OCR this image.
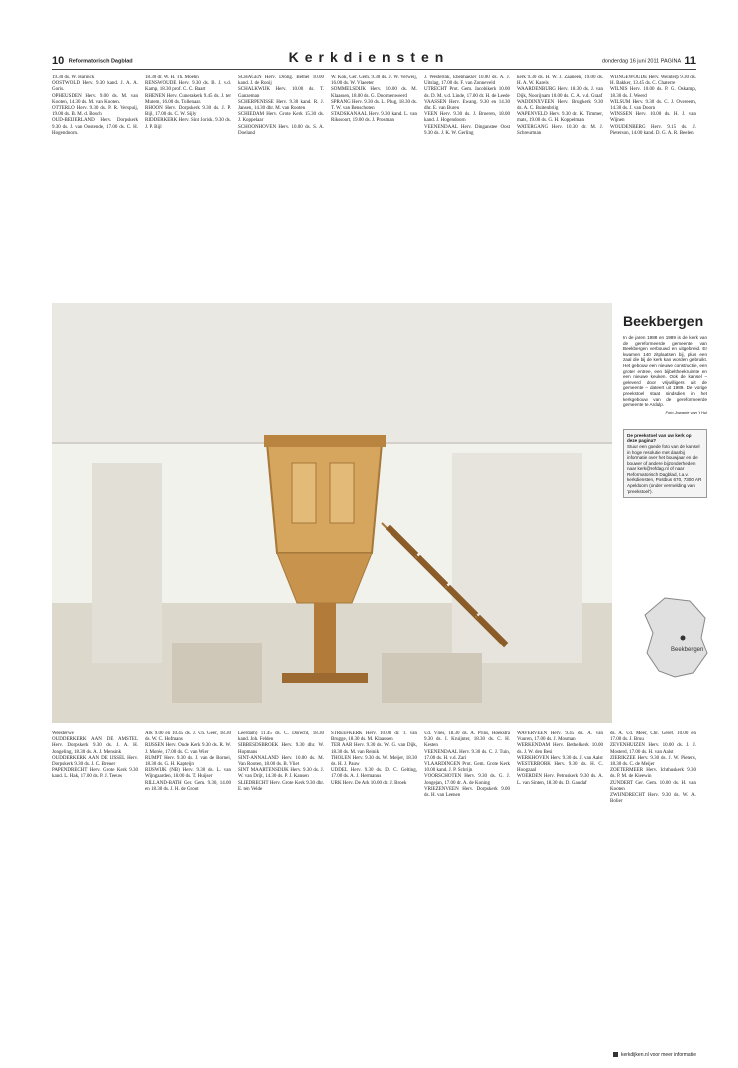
10 Reformatorisch Dagblad	Kerkdiensten	donderdag 16 juni 2011 PAGINA 11

19.30 ds. W. Harinck

OOSTWOLD Herv. 9.30 kand. J. A. A. Goris.

OPHEUSDEN Herv. 9.00 ds. M. van Kooten, 14.30 ds. M. van Kooten.

OTTERLO Herv. 9.30 ds. P. R. Verspuij, 19.00 ds. B. M. d. Bosch

OUD-BEIJERLAND Herv. Dorpskerk 9.30 ds. J. van Oostende, 17.00 ds. C. H. Hogendoorn.

18.30 dr. W. H. Th. Moehn

RENSWOUDE Herv. 9.30 ds. B. J. v.d. Kamp, 18.30 prof. C. C. Baart

RHENEN Herv. Cunerakerk 9.45 ds. J. ter Mutem, 16.00 ds. Tollenaar.

RHOON Herv. Dorpskerk 9.30 ds. J. P. Bijl, 17.00 ds. C. W. Sijly

RIDDERKERK Herv. Sint Jorisk. 9.30 ds. J. P. Bijl

SCHAGEN Herv. Drong. Bethel 10.00 kand. J. de Rooij

SCHALKWIJK Herv. 10.00 ds. T. Ganzeman

SCHERPENISSE Herv. 9.30 kand. R. J. Jansen, 14.30 dhr. M. van Rooten

SCHIEDAM Herv. Grote Kerk 15.30 ds. J. Koppelaar

SCHOONHOVEN Herv. 10.00 ds. S. A. Doeland

W. Kok, Ger. Gem. 9.30 ds. J. W. Verweij, 16.00 ds. W. Vlaeeter

SOMMELSDIJK Herv. 10.00 ds. M. Klaassen, 18.00 ds. G. Doornenweerd

SPRANG Herv. 9.30 ds. L. Plug, 18.30 ds. T. W. van Benschoten

STADSKANAAL Herv. 9.30 kand. L. van Rikssoort, 19.00 ds. J. Prosman

J. Westerink, Ebenhaëzer 10.00 ds. A. J. Uitslag, 17.00 ds. F. van Zonneveld

UTRECHT Prot. Gem. Jacobikerk 10.00 ds. D. M. v.d. Linde, 17.00 dr. H. de Leede

VAASSEN Herv. Ewang. 9.30 en 14.30 dhr. E. van Buren

VEEN Herv. 9.30 ds. J. Broeren, 18.00 kand. J. Hogendoorn

VEENENDAAL Herv. Dinganstee Oost 9.30 ds. J. K. W. Gerling

kerk 9.30 ds. H. W. J. Zaaneen, 19.00 ds. H. A. W. Karels

WAARDENBURG Herv. 18.30 ds. J. van Dijk, Noorijnam 10.00 ds. C. A. v.d. Graaf

WADDINXVEEN Herv. Brugkerk 9.30 ds. A. C. Buitenbriig

WAPENVELD Herv. 9.30 dr. K. Timmer, mats, 19.00 ds. G. H. Koppelman

WATERGANG Herv. 10.30 dr. M. J. Schreurman

WIJNGEWOUDE Herv. Weinterp 9.30 ds. H. Bakker, 13.45 ds. C. Chaterre

WILNIS Herv. 10.00 ds. P. G. Oskamp, 18.30 ds. J. Weerd

WILSUM Herv. 9.30 ds. C. J. Overeem, 14.30 ds. J. van Doorn

WINSSEN Herv. 10.00 ds. H. J. van Wijnen

WOUDENBERG Herv. 9.15 ds. J. Pieterson, 14.00 kand. D. G. A. R. Beelen

Beekbergen
In de jaren 1988 en 1989 is de kerk van de gereformeerde gemeente van Beekbergen verbouwd en uitgebreid. Er kwamen 140 zitplaatsen bij, plus een zaal die bij de kerk kan worden gebruikt. Het gebouw een nieuwe constructie, een groter entree, een bijbeltheekruimte en een nieuwe keuken. Ook de kansel – geleverd door vrijwilligers uit de gemeente – dateert uit 1989. De vorige preekstoel staat sindsdien in het kerkgebouw van de gereformeerde gemeente te Ardulp.
Foto Jowanie van 't Hul
De preekstoel van uw kerk op deze pagina?
Stuur een goede foto van de kansel in hoge resolutie met daarbij informatie over het bouwjaar en de bouwer of andere bijzonderheden naar kerk@refdag.nl of naar Reformatorisch Dagblad, t.a.v. kerkdiensten, Postbus 670, 7300 AR Apeldoorn (onder vermelding van 'preekstoel').
Beekbergen

Weesterwe

OUDDERKERK AAN DE AMSTEL Herv. Dorpskerk 9.30 ds. J. A. H. Jongeling, 18.30 ds. A. J. Mensink

OUDDERKERK AAN DE IJSSEL Herv. Dorpskerk 9.30 ds. J. C. Breuer

PAPENDRECHT Herv. Grote Kerk 9.30 kand. L. Hak, 17.00 ds. P. J. Teeuw

Ark 9.00 en 10.45 ds. J. v.h. Geer, 18.30 ds. W. C. Hofmans

RIJSSEN Herv. Oude Kerk 9.30 ds. R. W. J. Morée, 17.00 ds. C. van Wier

RUMPT Herv. 9.30 ds. J. van de Bornei, 18.30 ds. G. H. Kapteijn

RIJSWIJK (NB) Herv. 9.30 ds. L. van Wijngaarden, 18.00 ds. T. Huijser

RILLAND-BATH Ger. Gem. 9.30, 14.00 en 18.30 ds. J. H. de Groot

Leerdam) 11.45 ds. C. Dorecht, 18.30 kand. Joh. Felden

SIBBESDSBROEK Herv. 9.30 dhr. W. Hopmans

SINT-ANNALAND Herv. 10.00 ds. M. Van Rooten, 18.00 ds. B. Vliet

SINT MAARTENSDIJK Herv. 9.30 ds. J. W. van Drijt, 14.30 ds. P. J. Kansen

SLIEDRECHT Herv. Grote Kerk 9.30 dhr. E. ten Velde

STREEFKERK Herv. 10.00 dr. T. van Brugge, 18.30 ds. M. Klaassen

TER AAR Herv. 9.30 ds. W. G. van Dijk, 18.30 ds. M. van Reinik

THOLEN Herv. 9.30 ds. W. Meijer, 18.30 ds. H. J. Pauw

UDDEL Herv. 9.30 ds. D. C. Gelting, 17.00 ds. A. J. Hermanus

URK Herv. De Ark 10.00 dr. J. Broek

v.d. Vlies, 18.30 ds. A. Prins, Hoekstra 9.30 ds. I. Kruijnter, 18.30 ds. C. H. Kesten

VEENENDAAL Herv. 9.30 ds. C. J. Tuin, 17.00 ds. H. v.d. Zari

VLAARDINGEN Prot. Gem. Grote Kerk 10.00 kand. J. P. Schrijn

VOORSCHOTEN Herv. 9.30 ds. G. J. Jongejan, 17.00 dr. A. de Koning

VRIEZENVEEN Herv. Dorpskerk 9.00 ds. H. van Leenen

WAVERVEEN Herv. 9.45 ds. A. van Vuuren, 17.00 ds. J. Mosman

WERKENDAM Herv. Bethelkerk 10.00 ds. J. W. den Besi

WERKHOVEN Herv. 9.30 ds. J. van Aalst

WESTERBORK Herv. 9.30 ds. H. C. Hoogzaal

WOERDEN Herv. Petruskerk 9.30 ds. A. L. van Sinten, 18.30 ds. D. Gaudaf

ds. A. v.d. Meer, Chr. Geref. 10.00 en 17.00 ds. J. Bruu

ZEVENHUIZEN Herv. 10.00 ds. J. J. Mosterd, 17.00 ds. H. van Aalst

ZIERIKZEE Herv. 9.30 ds. J. W. Pieters, 18.30 ds. C. de Meijer

ZOETERMEER Herv. Ichthuskerk 9.30 ds. P. M. de Kieewin

ZUNDERT Ger. Gem. 10.00 ds. H. van Kooten

ZWIJNDRECHT Herv. 9.30 ds. W. A. Bolier

kerkdijken.nl voor meer informatie
